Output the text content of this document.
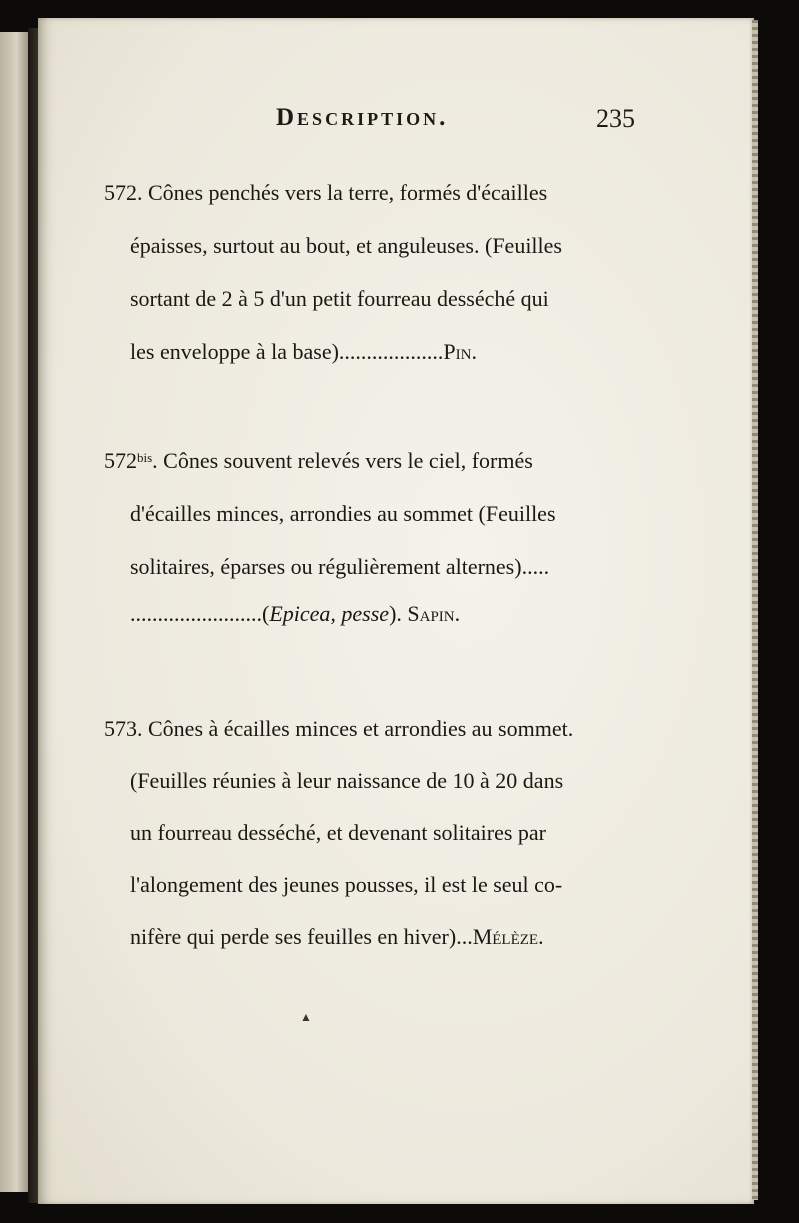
Description.	235
572. Cônes penchés vers la terre, formés d'écailles
épaisses, surtout au bout, et anguleuses. (Feuilles
sortant de 2 à 5 d'un petit fourreau desséché qui
les enveloppe à la base)...................Pin.
$572^{bis}$. Cônes souvent relevés vers le ciel, formés
d'écailles minces, arrondies au sommet (Feuilles
solitaires, éparses ou régulièrement alternes).....
........................(Epicea, pesse). Sapin.
573. Cônes à écailles minces et arrondies au sommet.
(Feuilles réunies à leur naissance de 10 à 20 dans
un fourreau desséché, et devenant solitaires par
l'alongement des jeunes pousses, il est le seul co-
nifère qui perde ses feuilles en hiver)...Mélèze.
▲
